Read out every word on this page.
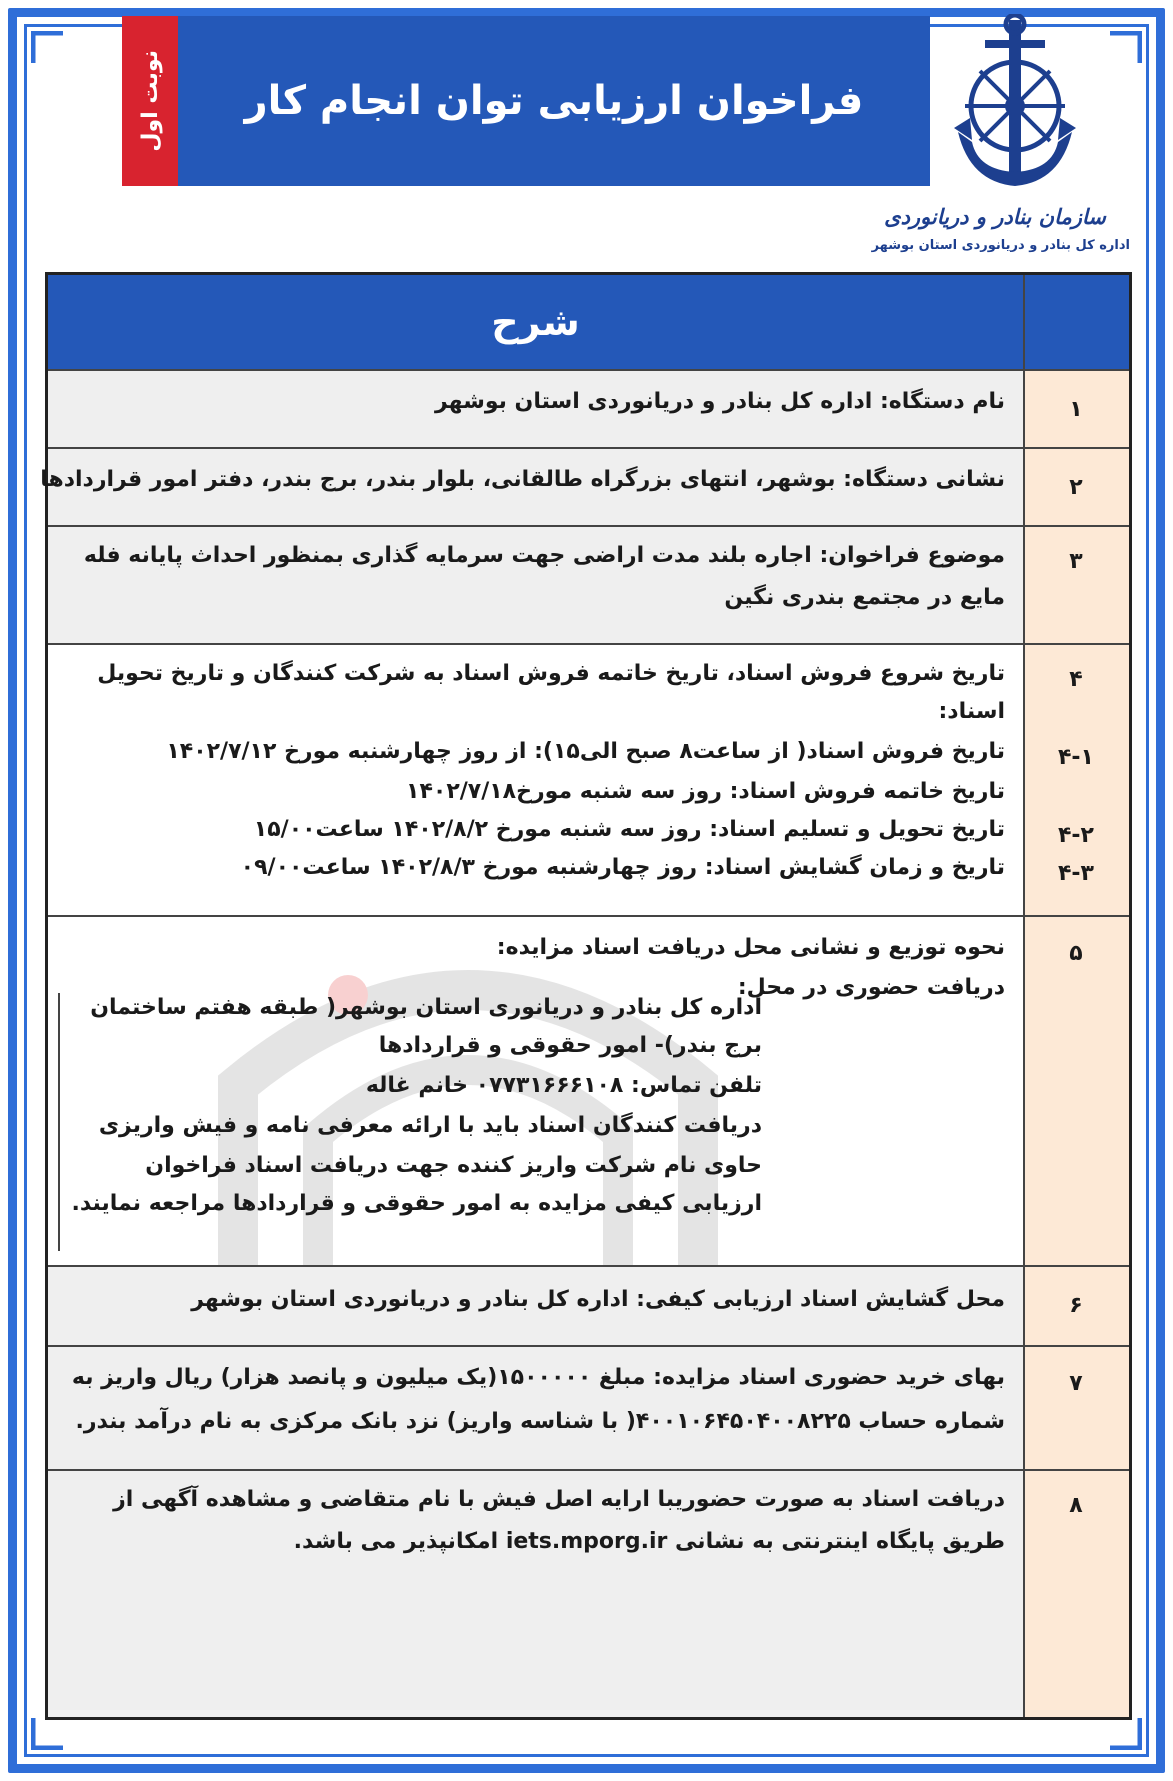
نوبت اول فراخوان ارزیابی توان انجام کار
سازمان بنادر و دریانوردی
اداره کل بنادر و دریانوردی استان بوشهر
شرح
۱
نام دستگاه: اداره کل بنادر و دریانوردی استان بوشهر
۲
نشانی دستگاه: بوشهر، انتهای بزرگراه طالقانی، بلوار بندر، برج بندر، دفتر امور قراردادها
۳
موضوع فراخوان: اجاره بلند مدت اراضی جهت سرمایه گذاری بمنظور احداث پایانه فله
مایع در مجتمع بندری نگین
۴
۴-۱
۴-۲
۴-۳
تاریخ شروع فروش اسناد، تاریخ خاتمه فروش اسناد به شرکت کنندگان و تاریخ تحویل
اسناد:
تاریخ فروش اسناد( از ساعت۸ صبح الی۱۵): از روز چهارشنبه مورخ ۱۴۰۲/۷/۱۲
تاریخ خاتمه فروش اسناد: روز سه شنبه مورخ۱۴۰۲/۷/۱۸
تاریخ تحویل و تسلیم اسناد: روز سه شنبه مورخ ۱۴۰۲/۸/۲ ساعت۱۵/۰۰
تاریخ و زمان گشایش اسناد: روز چهارشنبه مورخ ۱۴۰۲/۸/۳ ساعت۰۹/۰۰
۵
نحوه توزیع و نشانی محل دریافت اسناد مزایده:
دریافت حضوری در محل:
اداره کل بنادر و دریانوری استان بوشهر( طبقه هفتم ساختمان
برج بندر)- امور حقوقی و قراردادها
تلفن تماس: ۰۷۷۳۱۶۶۶۱۰۸ خانم غاله
دریافت کنندگان اسناد باید با ارائه معرفی نامه و فیش واریزی
حاوی نام شرکت واریز کننده جهت دریافت اسناد فراخوان
ارزیابی کیفی مزایده به امور حقوقی و قراردادها مراجعه نمایند.
۶
محل گشایش اسناد ارزیابی کیفی: اداره کل بنادر و دریانوردی استان بوشهر
۷
بهای خرید حضوری اسناد مزایده: مبلغ ۱۵۰۰۰۰۰(یک میلیون و پانصد هزار) ریال واریز به
شماره حساب ۴۰۰۱۰۶۴۵۰۴۰۰۸۲۲۵( با شناسه واریز) نزد بانک مرکزی به نام درآمد بندر.
۸
دریافت اسناد به صورت حضوریبا ارایه اصل فیش با نام متقاضی و مشاهده آگهی از
طریق پایگاه اینترنتی به نشانی iets.mporg.ir امکانپذیر می باشد.
